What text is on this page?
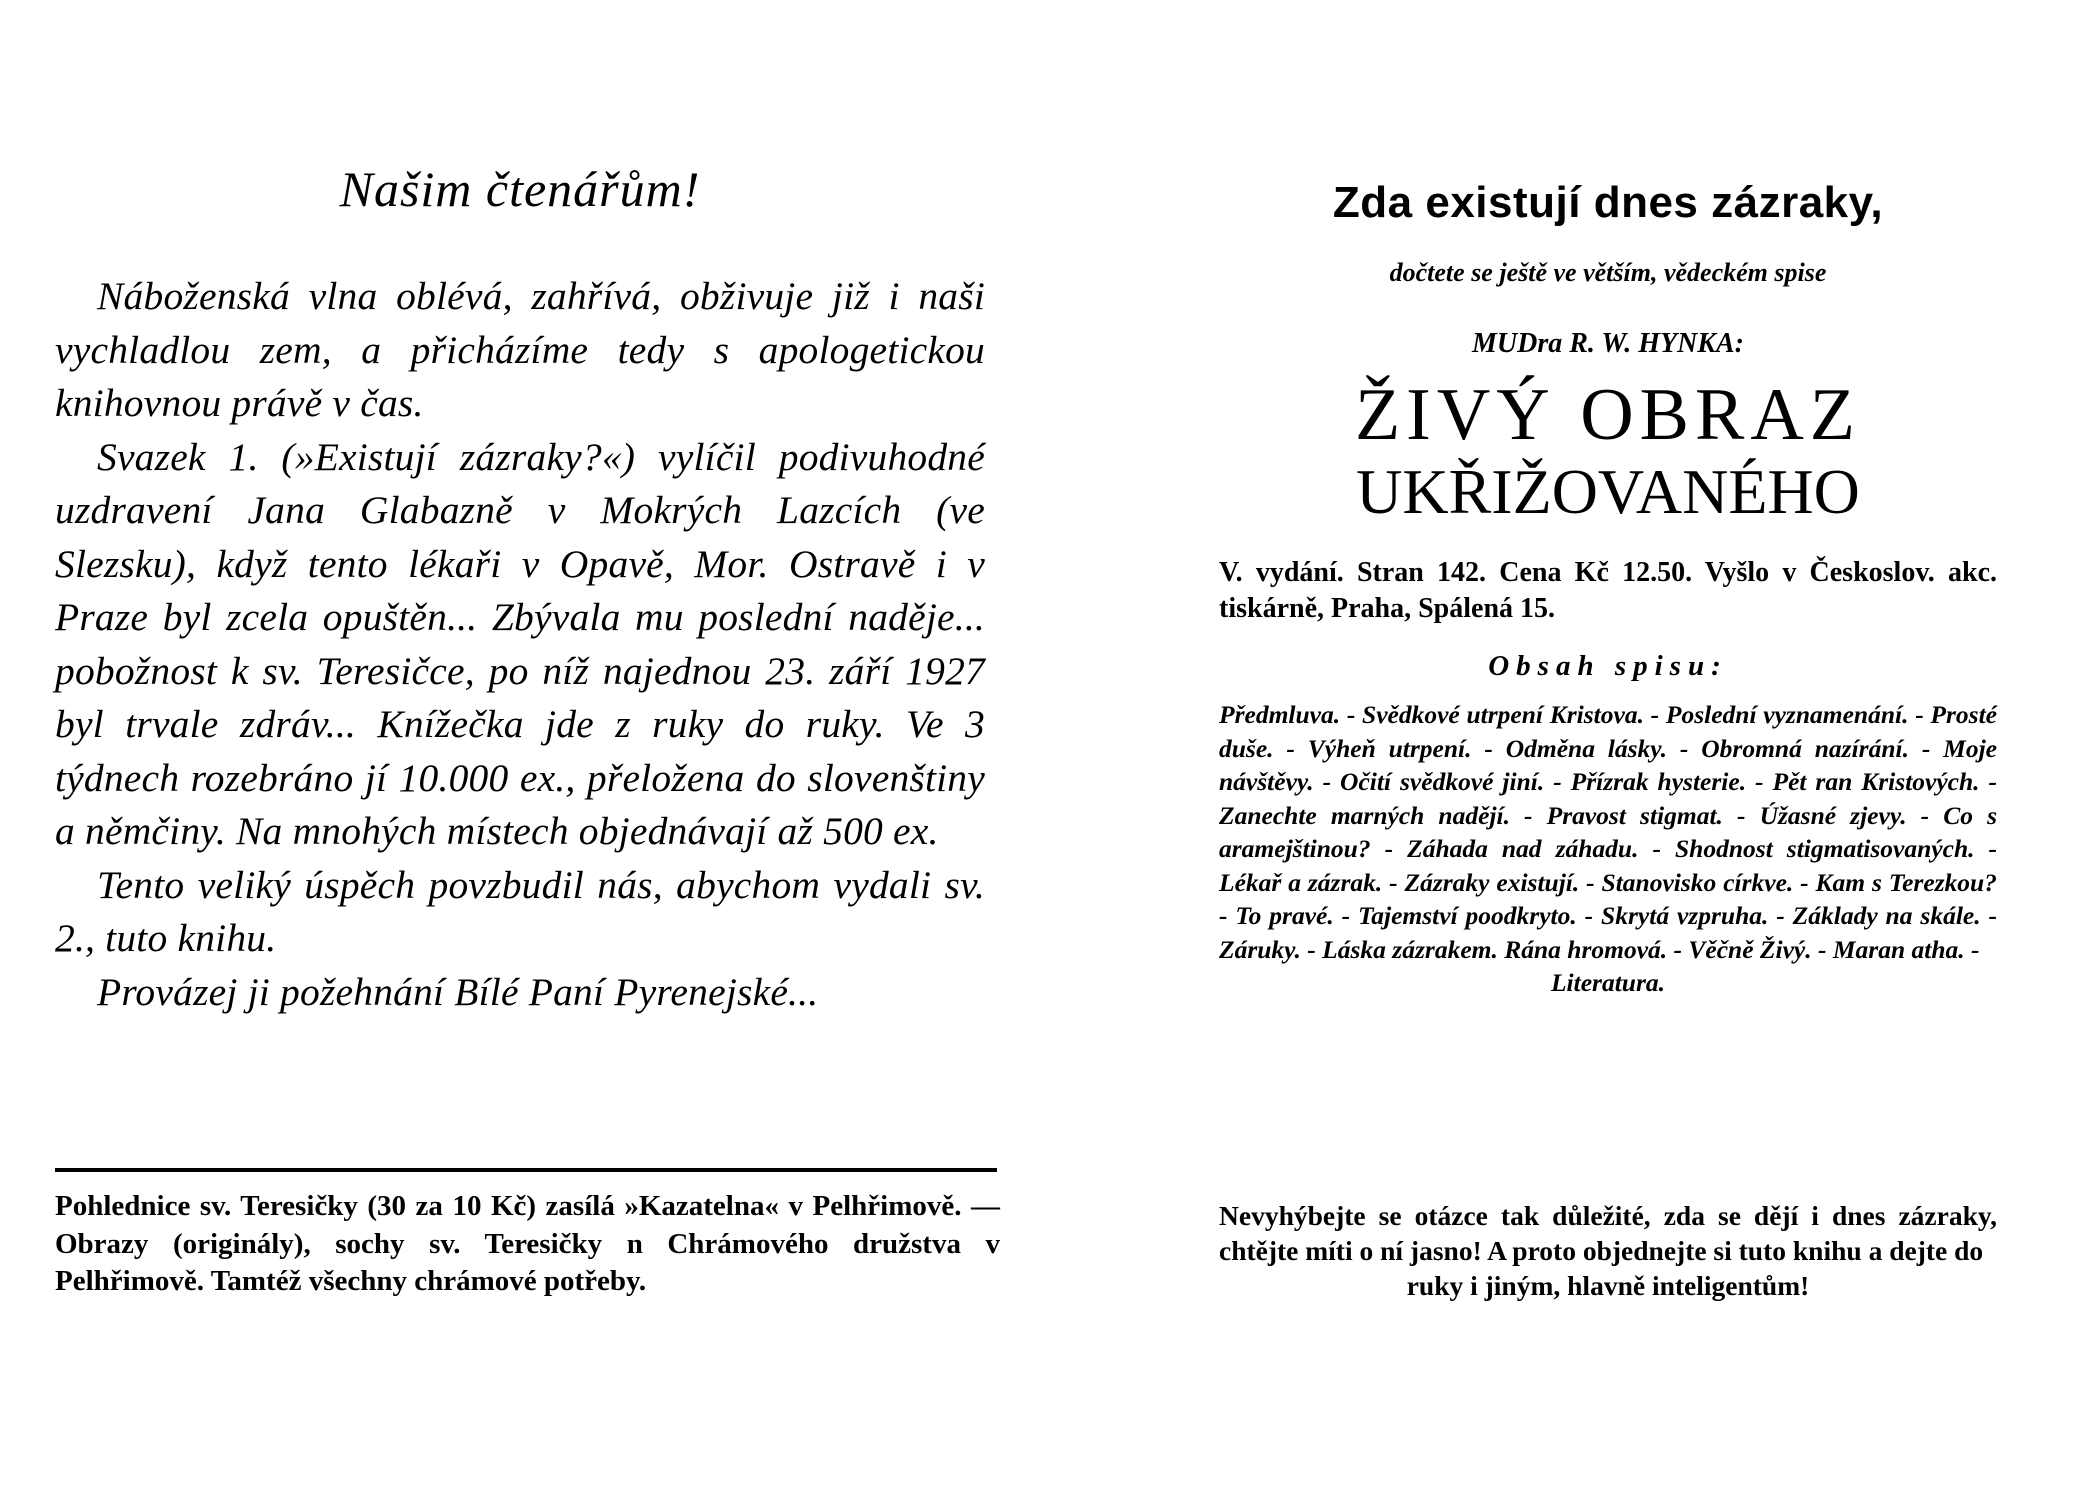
Našim čtenářům!

Náboženská vlna oblévá, zahřívá, obživuje již i naši vychladlou zem, a přicházíme tedy s apologetickou knihovnou právě v čas.

Svazek 1. (»Existují zázraky?«) vylíčil podivuhodné uzdravení Jana Glabazně v Mokrých Lazcích (ve Slezsku), když tento lékaři v Opavě, Mor. Ostravě i v Praze byl zcela opuštěn... Zbývala mu poslední naděje... pobožnost k sv. Teresičce, po níž najednou 23. září 1927 byl trvale zdráv... Knížečka jde z ruky do ruky. Ve 3 týdnech rozebráno jí 10.000 ex., přeložena do slovenštiny a němčiny. Na mnohých místech objednávají až 500 ex.

Tento veliký úspěch povzbudil nás, abychom vydali sv. 2., tuto knihu.

Provázej ji požehnání Bílé Paní Pyrenejské...

Pohlednice sv. Teresičky (30 za 10 Kč) zasílá »Kazatelna« v Pelhřimově. — Obrazy (originály), sochy sv. Teresičky n Chrámového družstva v Pelhřimově. Tamtéž všechny chrámové potřeby.
Zda existují dnes zázraky,
dočtete se ještě ve větším, vědeckém spise
MUDra R. W. HYNKA:
ŽIVÝ OBRAZ
UKŘIŽOVANÉHO
V. vydání. Stran 142. Cena Kč 12.50. Vyšlo v Českoslov. akc. tiskárně, Praha, Spálená 15.
Obsah spisu:
Předmluva. - Svědkové utrpení Kristova. - Poslední vyznamenání. - Prosté duše. - Výheň utrpení. - Odměna lásky. - Obromná nazírání. - Moje návštěvy. - Očití svědkové jiní. - Přízrak hysterie. - Pět ran Kristových. - Zanechte marných nadějí. - Pravost stigmat. - Úžasné zjevy. - Co s aramejštinou? - Záhada nad záhadu. - Shodnost stigmatisovaných. - Lékař a zázrak. - Zázraky existují. - Stanovisko církve. - Kam s Terezkou? - To pravé. - Tajemství poodkryto. - Skrytá vzpruha. - Základy na skále. - Záruky. - Láska zázrakem. Rána hromová. - Věčně Živý. - Maran atha. -
Literatura.
Nevyhýbejte se otázce tak důležité, zda se dějí i dnes zázraky, chtějte míti o ní jasno! A proto objednejte si tuto knihu a dejte do
ruky i jiným, hlavně inteligentům!
